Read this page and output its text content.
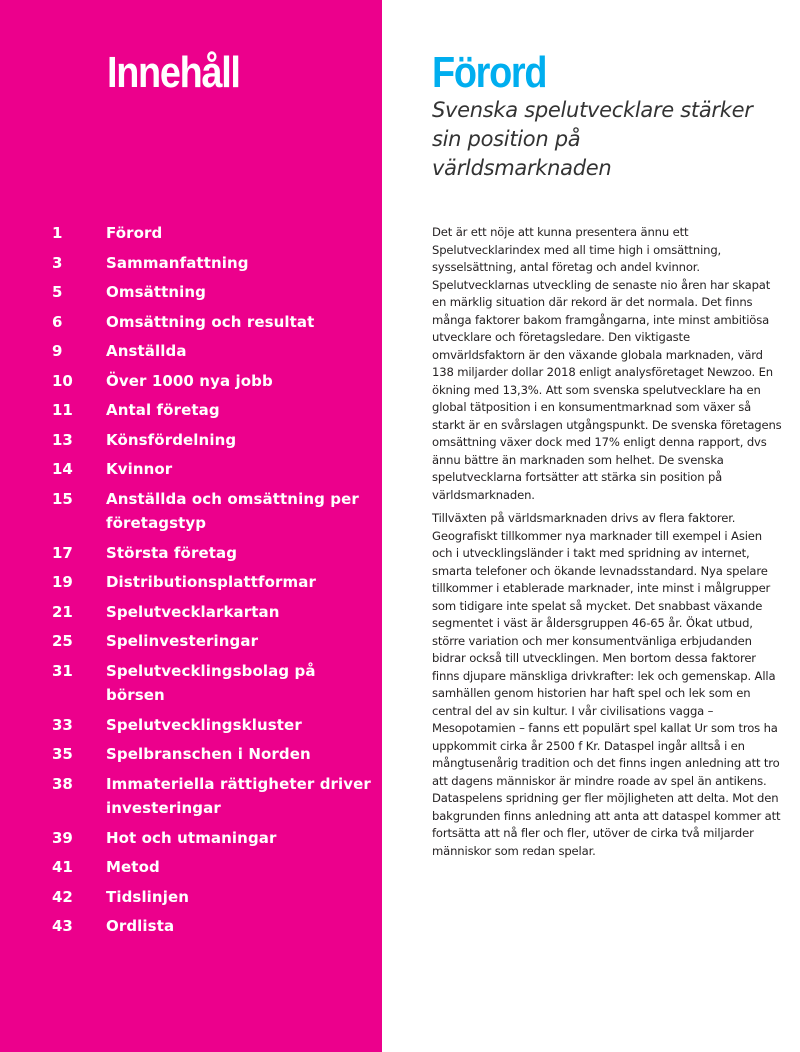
Innehåll
1	Förord
3	Sammanfattning
5	Omsättning
6	Omsättning och resultat
9	Anställda
10	Över 1000 nya jobb
11	Antal företag
13	Könsfördelning
14	Kvinnor
15	Anställda och omsättning per företagstyp
17	Största företag
19	Distributionsplattformar
21	Spelutvecklarkartan
25	Spelinvesteringar
31	Spelutvecklingsbolag på börsen
33	Spelutvecklingskluster
35	Spelbranschen i Norden
38	Immateriella rättigheter driver investeringar
39	Hot och utmaningar
41	Metod
42	Tidslinjen
43	Ordlista
Förord
Svenska spelutvecklare stärker sin position på världsmarknaden

Det är ett nöje att kunna presentera ännu ett Spelutvecklarindex med all time high i omsättning, sysselsättning, antal företag och andel kvinnor. Spelutvecklarnas utveckling de senaste nio åren har skapat en märklig situation där rekord är det normala. Det finns många faktorer bakom framgångarna, inte minst ambitiösa utvecklare och företagsledare. Den viktigaste omvärldsfaktorn är den växande globala marknaden, värd 138 miljarder dollar 2018 enligt analysföretaget Newzoo. En ökning med 13,3%. Att som svenska spelutvecklare ha en global tätposition i en konsumentmarknad som växer så starkt är en svårslagen utgångspunkt. De svenska företagens omsättning växer dock med 17% enligt denna rapport, dvs ännu bättre än marknaden som helhet. De svenska spelutvecklarna fortsätter att stärka sin position på världsmarknaden.

Tillväxten på världsmarknaden drivs av flera faktorer. Geografiskt tillkommer nya marknader till exempel i Asien och i utvecklingsländer i takt med spridning av internet, smarta telefoner och ökande levnadsstandard. Nya spelare tillkommer i etablerade marknader, inte minst i målgrupper som tidigare inte spelat så mycket. Det snabbast växande segmentet i väst är åldersgruppen 46-65 år. Ökat utbud, större variation och mer konsumentvänliga erbjudanden bidrar också till utvecklingen. Men bortom dessa faktorer finns djupare mänskliga drivkrafter: lek och gemenskap. Alla samhällen genom historien har haft spel och lek som en central del av sin kultur. I vår civilisations vagga – Mesopotamien – fanns ett populärt spel kallat Ur som tros ha uppkommit cirka år 2500 f Kr. Dataspel ingår alltså i en mångtusenårig tradition och det finns ingen anledning att tro att dagens människor är mindre roade av spel än antikens. Dataspelens spridning ger fler möjligheten att delta. Mot den bakgrunden finns anledning att anta att dataspel kommer att fortsätta att nå fler och fler, utöver de cirka två miljarder människor som redan spelar.
